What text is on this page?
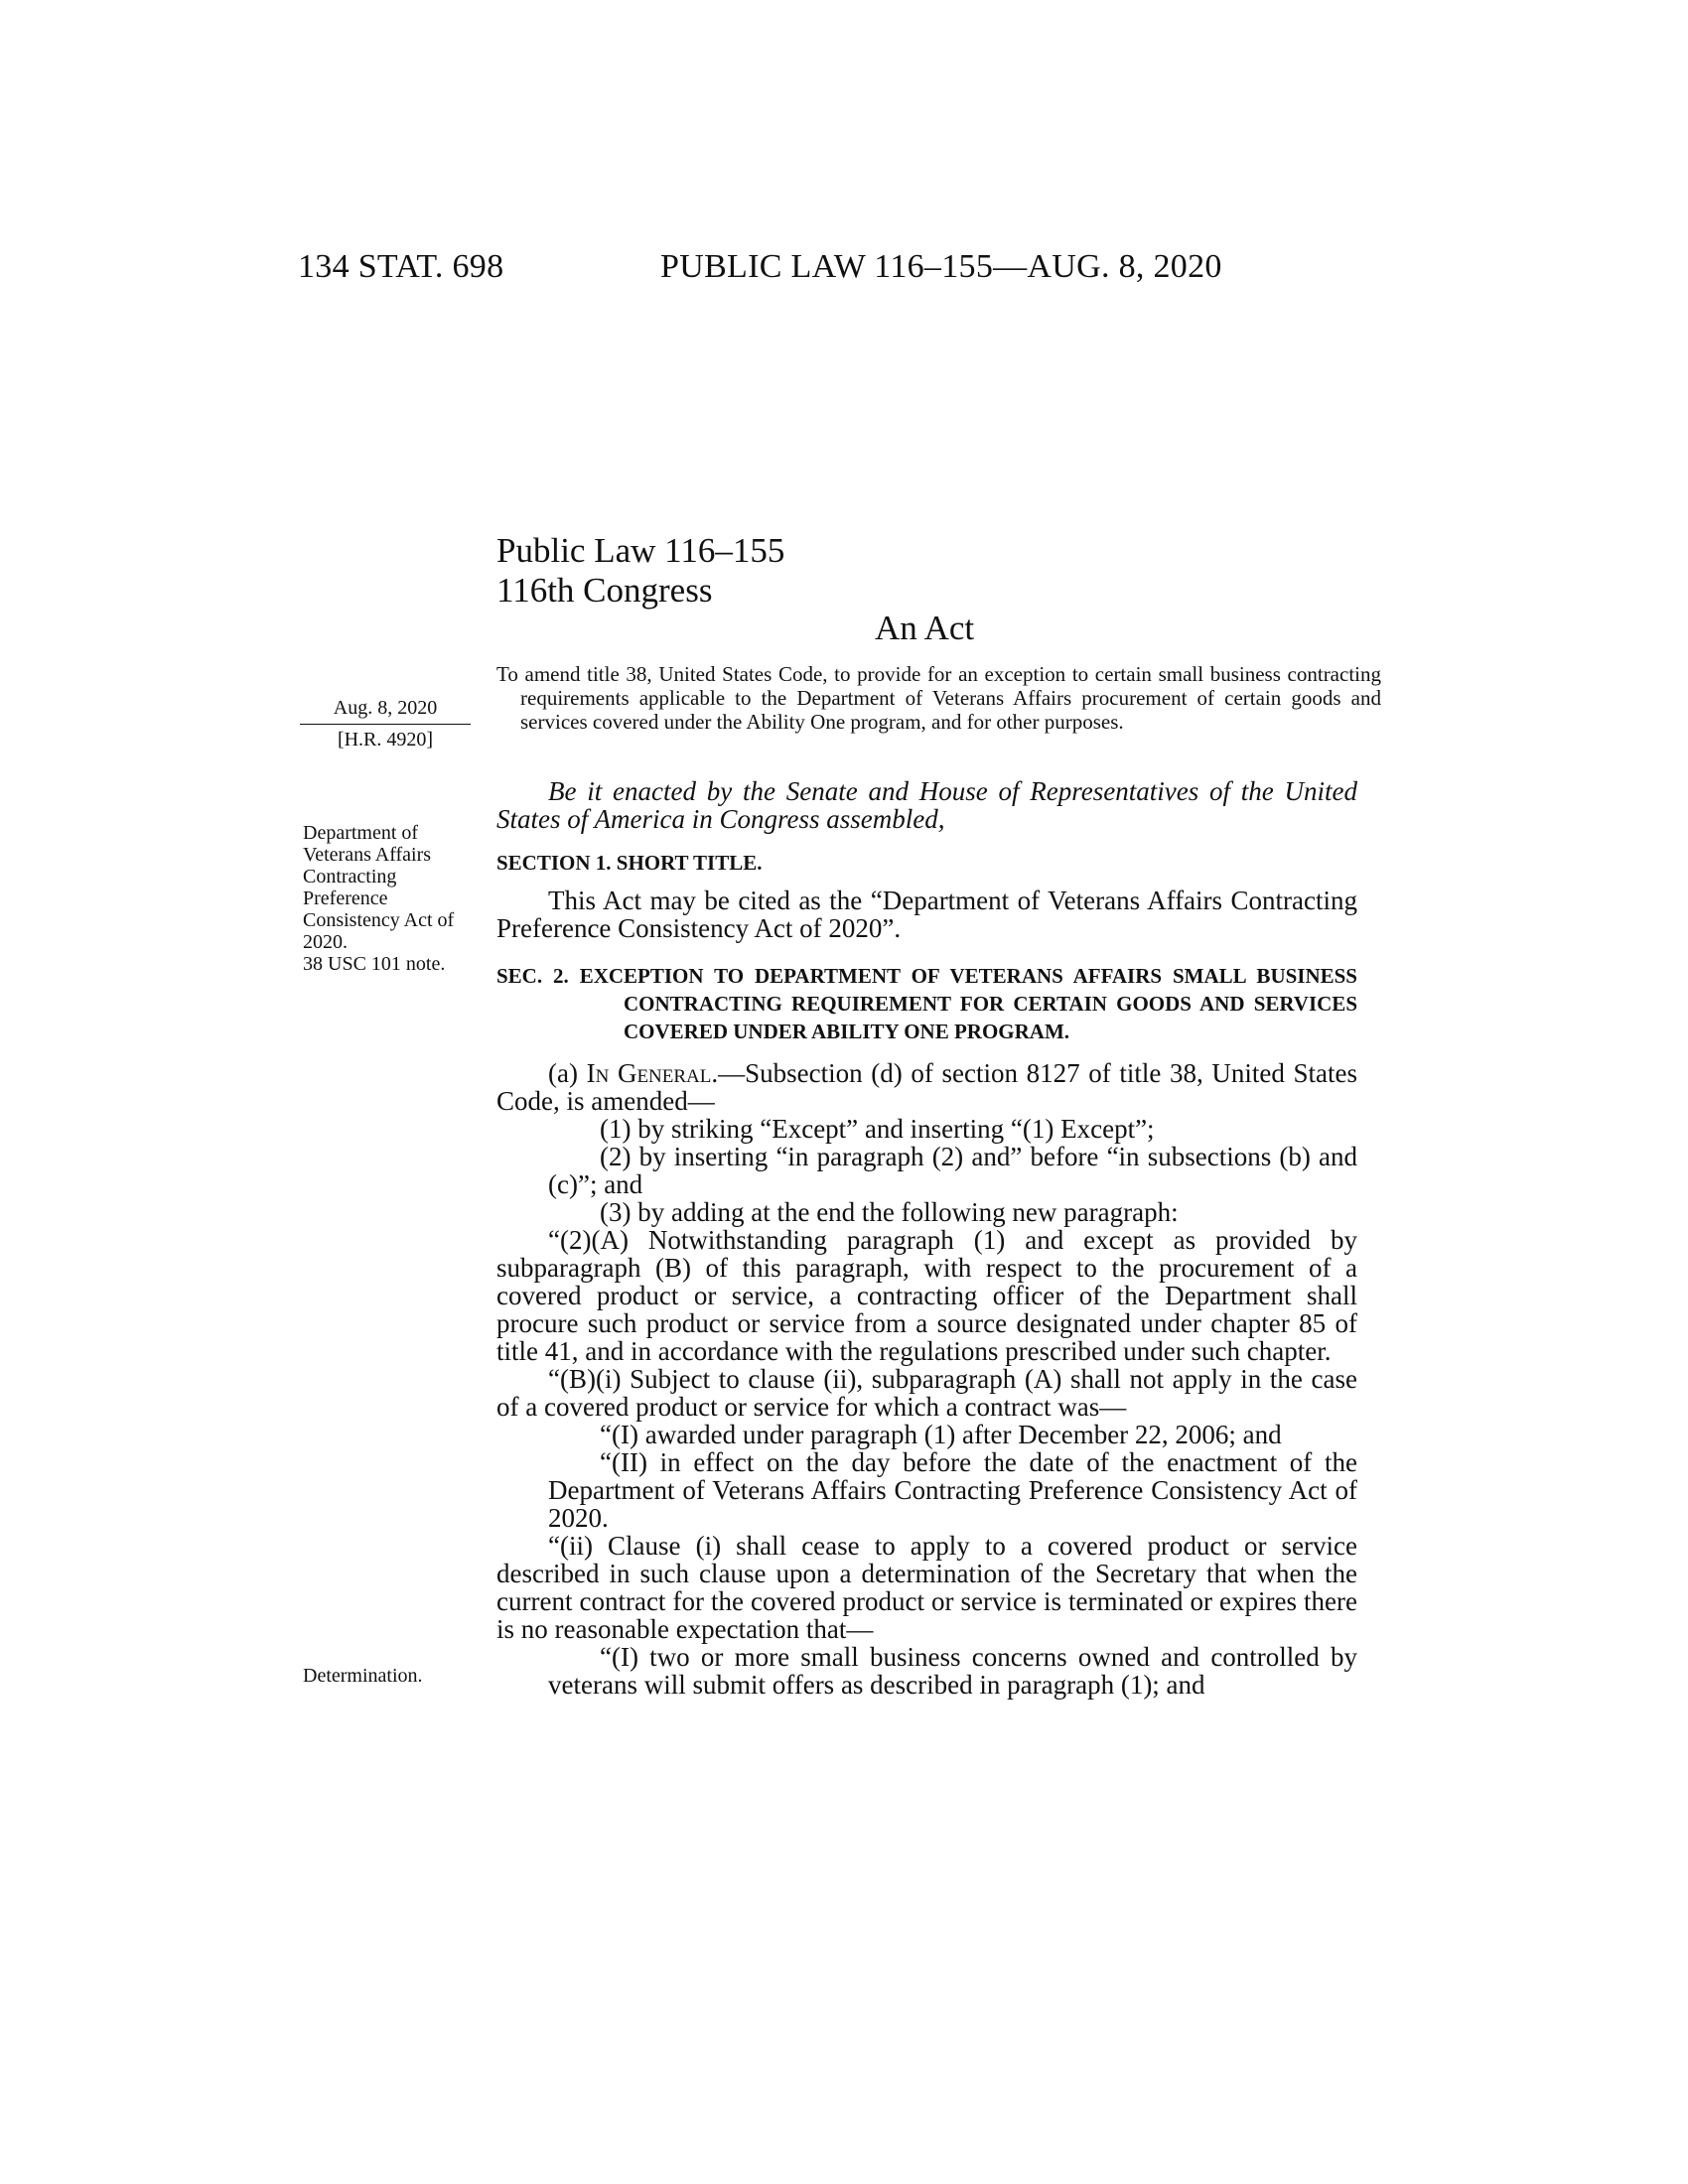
134 STAT. 698	PUBLIC LAW 116–155—AUG. 8, 2020
Public Law 116–155
116th Congress
An Act
Aug. 8, 2020
[H.R. 4920]
Department of Veterans Affairs Contracting Preference Consistency Act of 2020.
38 USC 101 note.
Determination.
To amend title 38, United States Code, to provide for an exception to certain small business contracting requirements applicable to the Department of Veterans Affairs procurement of certain goods and services covered under the Ability One program, and for other purposes.

Be it enacted by the Senate and House of Representatives of the United States of America in Congress assembled,

SECTION 1. SHORT TITLE.

This Act may be cited as the “Department of Veterans Affairs Contracting Preference Consistency Act of 2020”.

SEC. 2. EXCEPTION TO DEPARTMENT OF VETERANS AFFAIRS SMALL BUSINESS CONTRACTING REQUIREMENT FOR CERTAIN GOODS AND SERVICES COVERED UNDER ABILITY ONE PROGRAM.

(a) In General.—Subsection (d) of section 8127 of title 38, United States Code, is amended—

(1) by striking “Except” and inserting “(1) Except”;

(2) by inserting “in paragraph (2) and” before “in subsections (b) and (c)”; and

(3) by adding at the end the following new paragraph:

“(2)(A) Notwithstanding paragraph (1) and except as provided by subparagraph (B) of this paragraph, with respect to the procurement of a covered product or service, a contracting officer of the Department shall procure such product or service from a source designated under chapter 85 of title 41, and in accordance with the regulations prescribed under such chapter.

“(B)(i) Subject to clause (ii), subparagraph (A) shall not apply in the case of a covered product or service for which a contract was—

“(I) awarded under paragraph (1) after December 22, 2006; and

“(II) in effect on the day before the date of the enactment of the Department of Veterans Affairs Contracting Preference Consistency Act of 2020.

“(ii) Clause (i) shall cease to apply to a covered product or service described in such clause upon a determination of the Secretary that when the current contract for the covered product or service is terminated or expires there is no reasonable expectation that—

“(I) two or more small business concerns owned and controlled by veterans will submit offers as described in paragraph (1); and
